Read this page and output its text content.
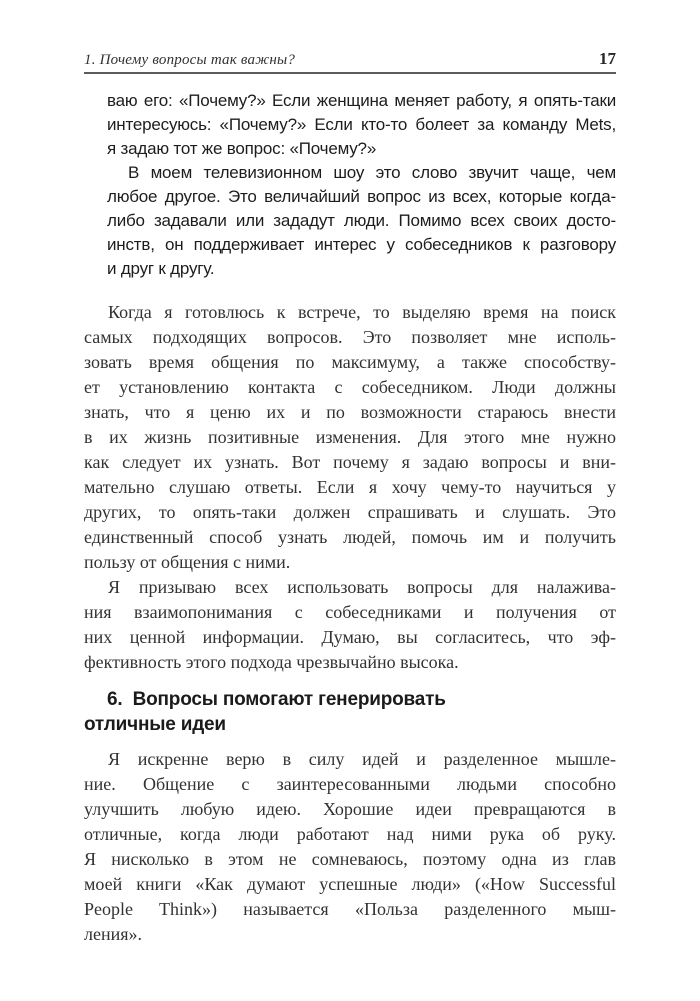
1. Почему вопросы так важны?	17
ваю его: «Почему?» Если женщина меняет работу, я опять-таки
интересуюсь: «Почему?» Если кто-то болеет за команду Mets,
я задаю тот же вопрос: «Почему?»
В моем телевизионном шоу это слово звучит чаще, чем
любое другое. Это величайший вопрос из всех, которые когда-
либо задавали или зададут люди. Помимо всех своих досто-
инств, он поддерживает интерес у собеседников к разговору
и друг к другу.
Когда я готовлюсь к встрече, то выделяю время на поиск
самых подходящих вопросов. Это позволяет мне исполь-
зовать время общения по максимуму, а также способству-
ет установлению контакта с собеседником. Люди должны
знать, что я ценю их и по возможности стараюсь внести
в их жизнь позитивные изменения. Для этого мне нужно
как следует их узнать. Вот почему я задаю вопросы и вни-
мательно слушаю ответы. Если я хочу чему-то научиться у
других, то опять-таки должен спрашивать и слушать. Это
единственный способ узнать людей, помочь им и получить
пользу от общения с ними.
Я призываю всех использовать вопросы для налажива-
ния взаимопонимания с собеседниками и получения от
них ценной информации. Думаю, вы согласитесь, что эф-
фективность этого подхода чрезвычайно высока.
6.  Вопросы помогают генерировать
отличные идеи
Я искренне верю в силу идей и разделенное мышле-
ние. Общение с заинтересованными людьми способно
улучшить любую идею. Хорошие идеи превращаются в
отличные, когда люди работают над ними рука об руку.
Я нисколько в этом не сомневаюсь, поэтому одна из глав
моей книги «Как думают успешные люди» («How Successful
People Think») называется «Польза разделенного мыш-
ления».
